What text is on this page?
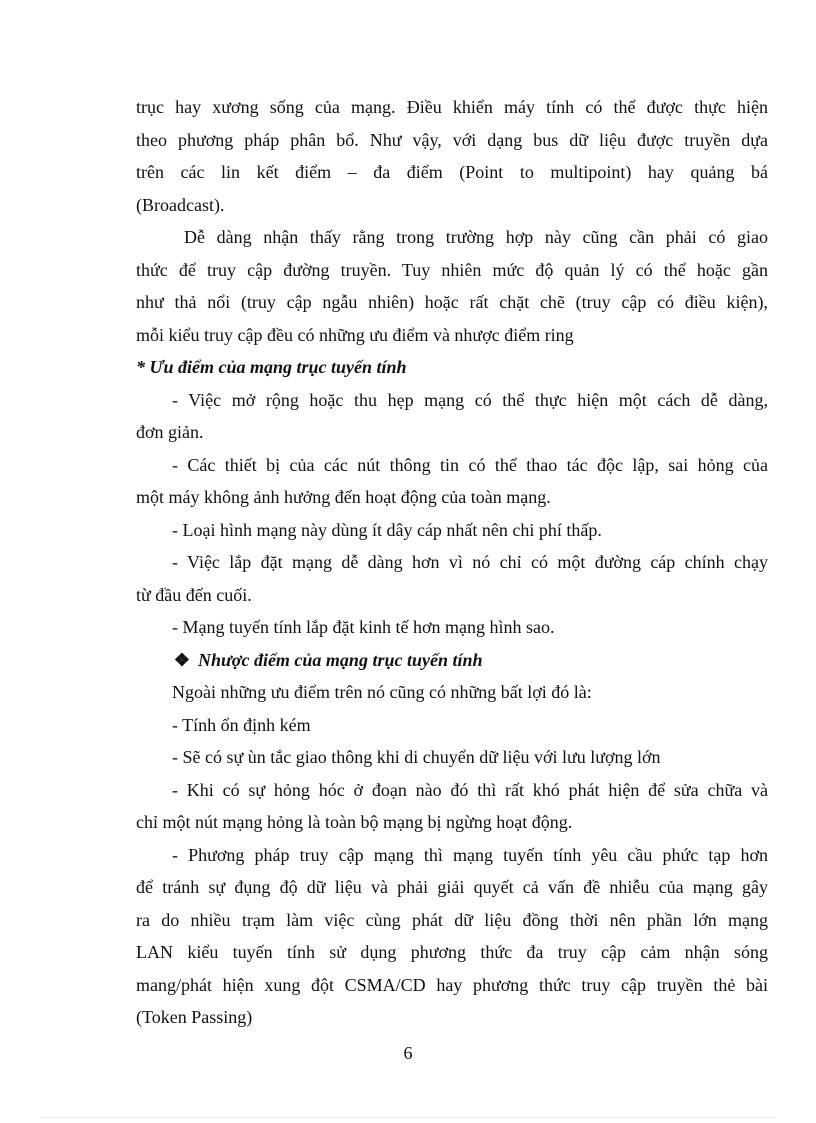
trục hay xương sống của mạng. Điều khiển máy tính có thể được thực hiện
theo phương pháp phân bổ. Như vậy, với dạng bus dữ liệu được truyền dựa
trên các lin kết điểm – đa điểm (Point to multipoint) hay quảng bá
(Broadcast).
Dễ dàng nhận thấy rằng trong trường hợp này cũng cần phải có giao
thức để truy cập đường truyền. Tuy nhiên mức độ quản lý có thể hoặc gần
như thả nổi (truy cập ngẫu nhiên) hoặc rất chặt chẽ (truy cập có điều kiện),
mỗi kiểu truy cập đều có những ưu điểm và nhược điểm ring
* Ưu điểm của mạng trục tuyến tính
- Việc mở rộng hoặc thu hẹp mạng có thể thực hiện một cách dễ dàng,
đơn giản.
- Các thiết bị của các nút thông tin có thể thao tác độc lập, sai hỏng của
một máy không ảnh hưởng đến hoạt động của toàn mạng.
- Loại hình mạng này dùng ít dây cáp nhất nên chi phí thấp.
- Việc lắp đặt mạng dễ dàng hơn vì nó chỉ có một đường cáp chính chạy
từ đầu đến cuối.
- Mạng tuyến tính lắp đặt kinh tế hơn mạng hình sao.
❖ Nhược điểm của mạng trục tuyến tính
Ngoài những ưu điểm trên nó cũng có những bất lợi đó là:
- Tính ổn định kém
- Sẽ có sự ùn tắc giao thông khi di chuyển dữ liệu với lưu lượng lớn
- Khi có sự hỏng hóc ở đoạn nào đó thì rất khó phát hiện để sửa chữa và
chỉ một nút mạng hỏng là toàn bộ mạng bị ngừng hoạt động.
- Phương pháp truy cập mạng thì mạng tuyến tính yêu cầu phức tạp hơn
để tránh sự đụng độ dữ liệu và phải giải quyết cả vấn đề nhiễu của mạng gây
ra do nhiều trạm làm việc cùng phát dữ liệu đồng thời nên phần lớn mạng
LAN kiểu tuyến tính sử dụng phương thức đa truy cập cảm nhận sóng
mang/phát hiện xung đột CSMA/CD hay phương thức truy cập truyền thẻ bài
(Token Passing)
6
